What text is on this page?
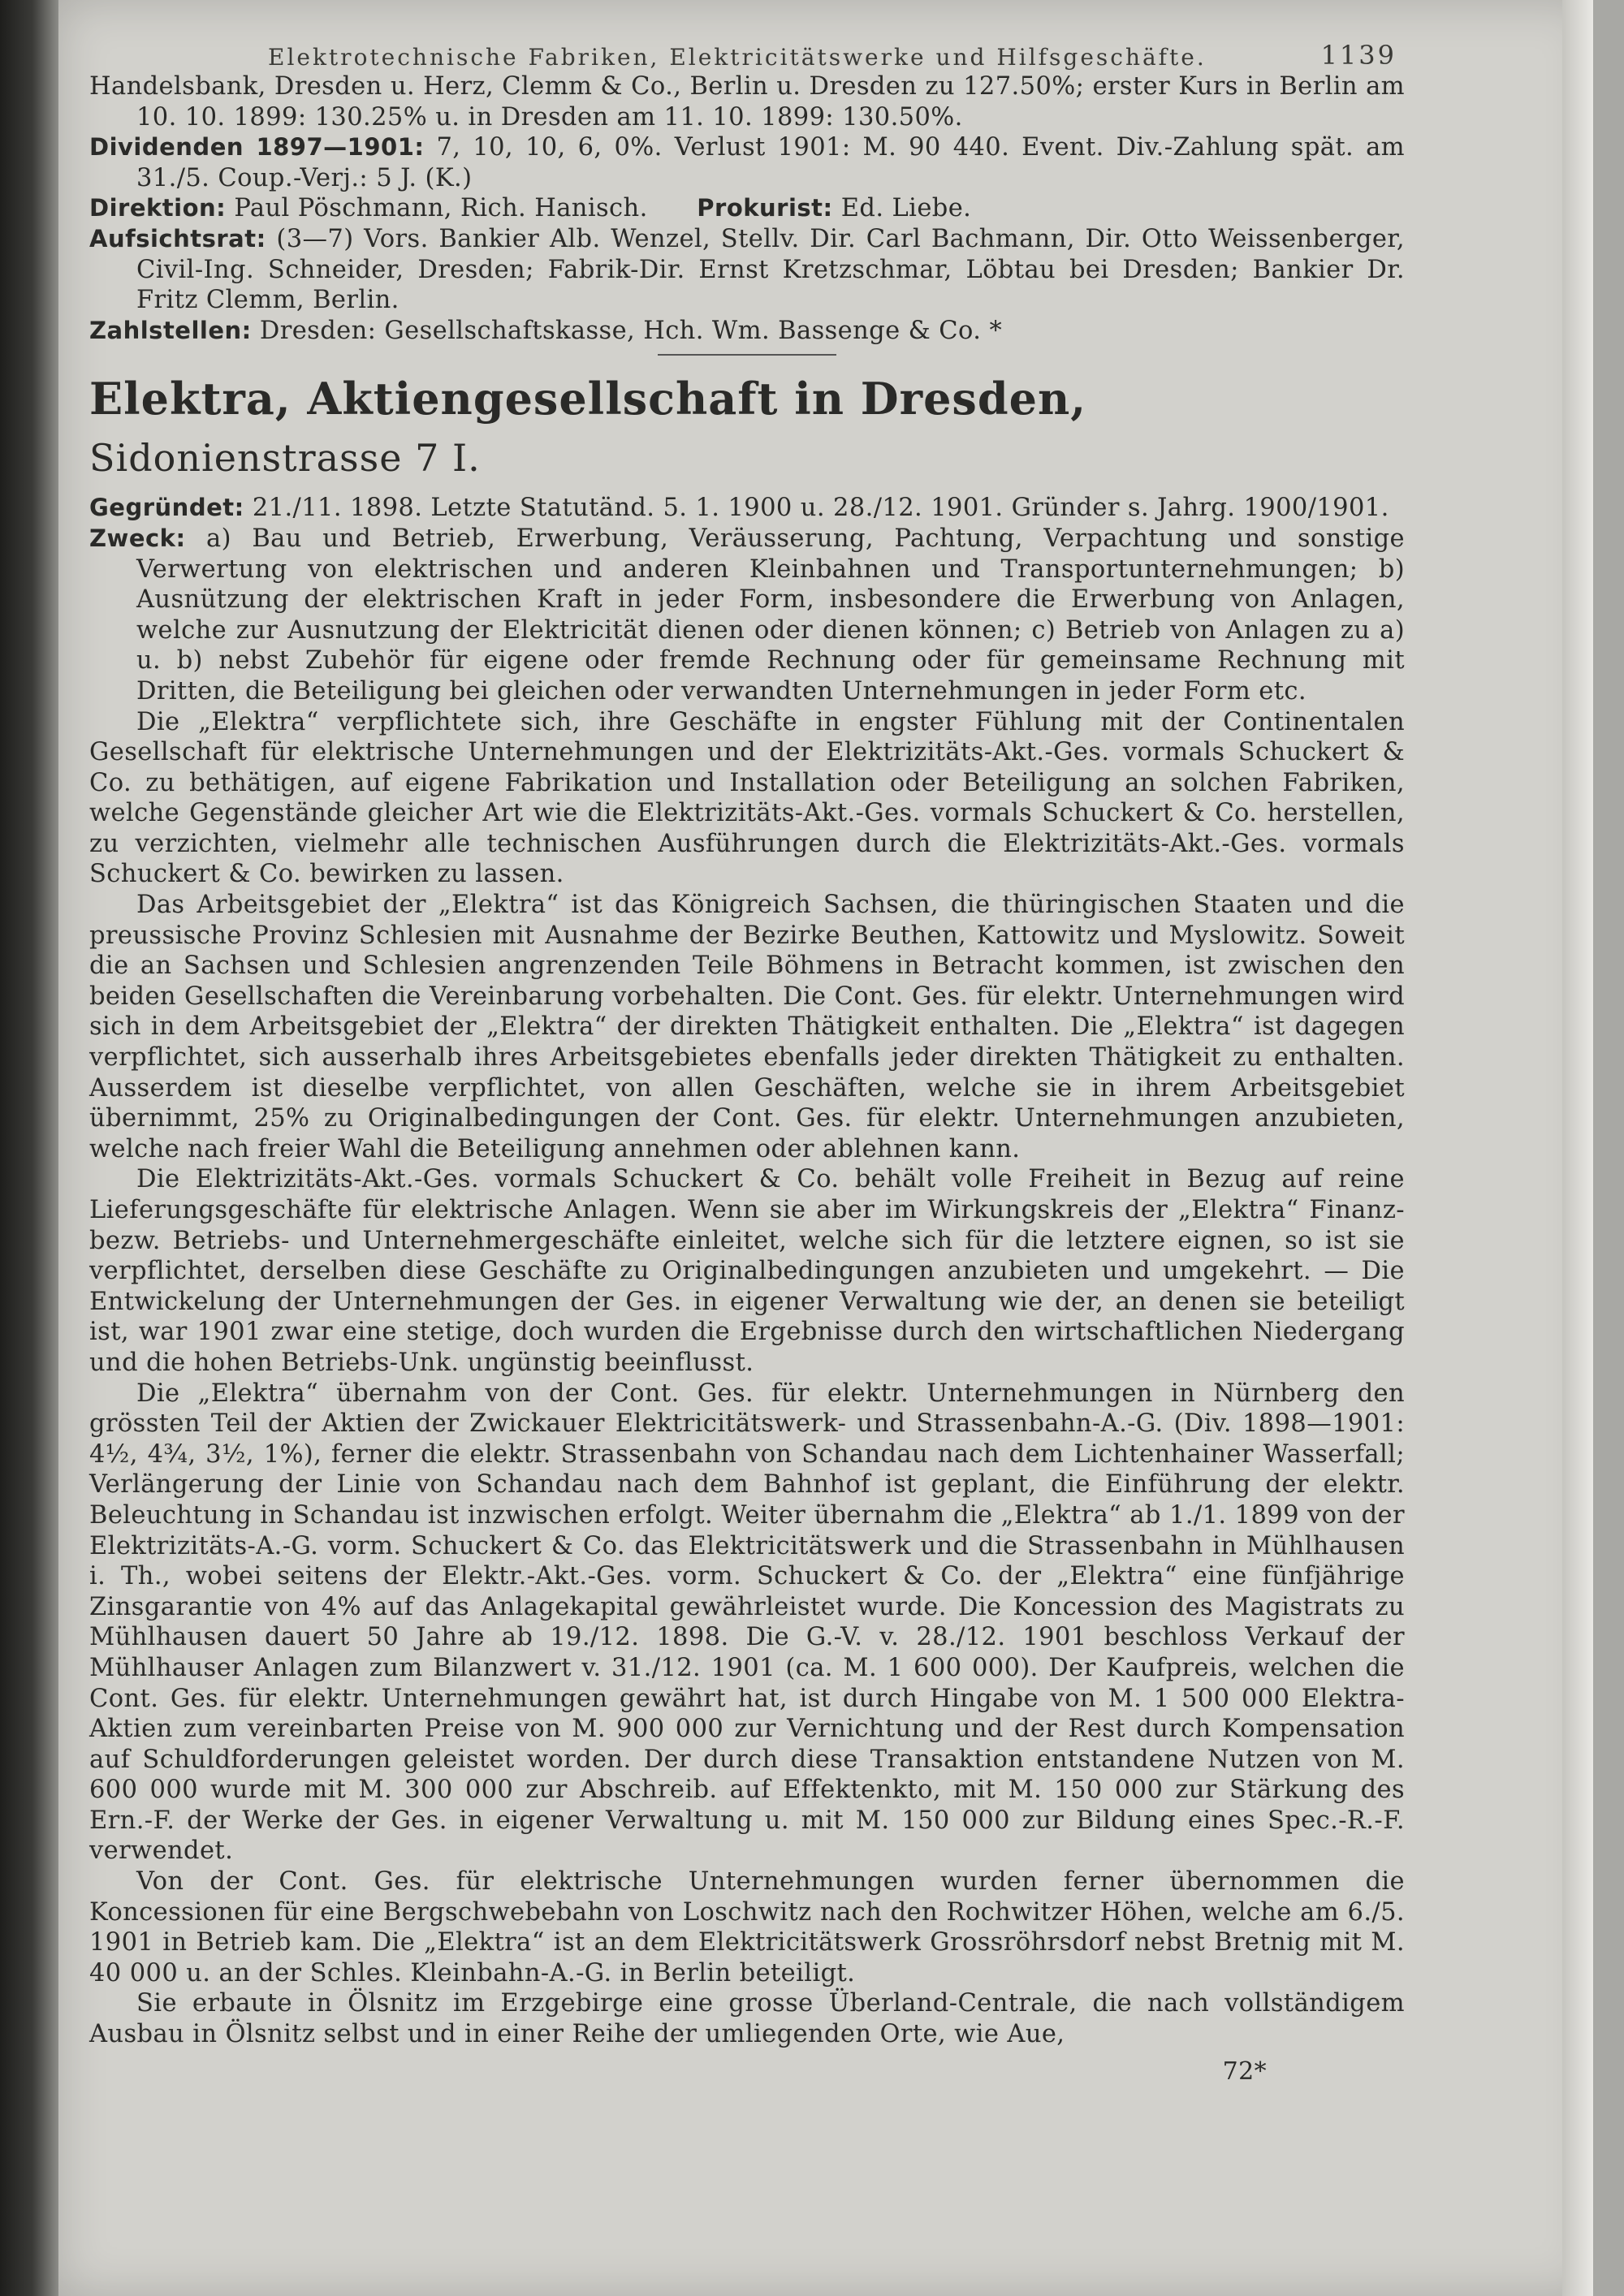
Elektrotechnische Fabriken, Elektricitätswerke und Hilfsgeschäfte.	1139

Handelsbank, Dresden u. Herz, Clemm & Co., Berlin u. Dresden zu 127.50%; erster Kurs in Berlin am 10. 10. 1899: 130.25% u. in Dresden am 11. 10. 1899: 130.50%.

Dividenden 1897—1901: 7, 10, 10, 6, 0%. Verlust 1901: M. 90 440. Event. Div.-Zahlung spät. am 31./5. Coup.-Verj.: 5 J. (K.)

Direktion: Paul Pöschmann, Rich. Hanisch. Prokurist: Ed. Liebe.

Aufsichtsrat: (3—7) Vors. Bankier Alb. Wenzel, Stellv. Dir. Carl Bachmann, Dir. Otto Weissenberger, Civil-Ing. Schneider, Dresden; Fabrik-Dir. Ernst Kretzschmar, Löbtau bei Dresden; Bankier Dr. Fritz Clemm, Berlin.

Zahlstellen: Dresden: Gesellschaftskasse, Hch. Wm. Bassenge & Co. *

Elektra, Aktiengesellschaft in Dresden, Sidonienstrasse 7 I.

Gegründet: 21./11. 1898. Letzte Statutänd. 5. 1. 1900 u. 28./12. 1901. Gründer s. Jahrg. 1900/1901.

Zweck: a) Bau und Betrieb, Erwerbung, Veräusserung, Pachtung, Verpachtung und sonstige Verwertung von elektrischen und anderen Kleinbahnen und Transportunternehmungen; b) Ausnützung der elektrischen Kraft in jeder Form, insbesondere die Erwerbung von Anlagen, welche zur Ausnutzung der Elektricität dienen oder dienen können; c) Betrieb von Anlagen zu a) u. b) nebst Zubehör für eigene oder fremde Rechnung oder für gemeinsame Rechnung mit Dritten, die Beteiligung bei gleichen oder verwandten Unternehmungen in jeder Form etc.

Die „Elektra“ verpflichtete sich, ihre Geschäfte in engster Fühlung mit der Continentalen Gesellschaft für elektrische Unternehmungen und der Elektrizitäts-Akt.-Ges. vormals Schuckert & Co. zu bethätigen, auf eigene Fabrikation und Installation oder Beteiligung an solchen Fabriken, welche Gegenstände gleicher Art wie die Elektrizitäts-Akt.-Ges. vormals Schuckert & Co. herstellen, zu verzichten, vielmehr alle technischen Ausführungen durch die Elektrizitäts-Akt.-Ges. vormals Schuckert & Co. bewirken zu lassen.

Das Arbeitsgebiet der „Elektra“ ist das Königreich Sachsen, die thüringischen Staaten und die preussische Provinz Schlesien mit Ausnahme der Bezirke Beuthen, Kattowitz und Myslowitz. Soweit die an Sachsen und Schlesien angrenzenden Teile Böhmens in Betracht kommen, ist zwischen den beiden Gesellschaften die Vereinbarung vorbehalten. Die Cont. Ges. für elektr. Unternehmungen wird sich in dem Arbeitsgebiet der „Elektra“ der direkten Thätigkeit enthalten. Die „Elektra“ ist dagegen verpflichtet, sich ausserhalb ihres Arbeitsgebietes ebenfalls jeder direkten Thätigkeit zu enthalten. Ausserdem ist dieselbe verpflichtet, von allen Geschäften, welche sie in ihrem Arbeitsgebiet übernimmt, 25% zu Originalbedingungen der Cont. Ges. für elektr. Unternehmungen anzubieten, welche nach freier Wahl die Beteiligung annehmen oder ablehnen kann.

Die Elektrizitäts-Akt.-Ges. vormals Schuckert & Co. behält volle Freiheit in Bezug auf reine Lieferungsgeschäfte für elektrische Anlagen. Wenn sie aber im Wirkungskreis der „Elektra“ Finanz- bezw. Betriebs- und Unternehmergeschäfte einleitet, welche sich für die letztere eignen, so ist sie verpflichtet, derselben diese Geschäfte zu Originalbedingungen anzubieten und umgekehrt. — Die Entwickelung der Unternehmungen der Ges. in eigener Verwaltung wie der, an denen sie beteiligt ist, war 1901 zwar eine stetige, doch wurden die Ergebnisse durch den wirtschaftlichen Niedergang und die hohen Betriebs-Unk. ungünstig beeinflusst.

Die „Elektra“ übernahm von der Cont. Ges. für elektr. Unternehmungen in Nürnberg den grössten Teil der Aktien der Zwickauer Elektricitätswerk- und Strassenbahn-A.-G. (Div. 1898—1901: 4½, 4¾, 3½, 1%), ferner die elektr. Strassenbahn von Schandau nach dem Lichtenhainer Wasserfall; Verlängerung der Linie von Schandau nach dem Bahnhof ist geplant, die Einführung der elektr. Beleuchtung in Schandau ist inzwischen erfolgt. Weiter übernahm die „Elektra“ ab 1./1. 1899 von der Elektrizitäts-A.-G. vorm. Schuckert & Co. das Elektricitätswerk und die Strassenbahn in Mühlhausen i. Th., wobei seitens der Elektr.-Akt.-Ges. vorm. Schuckert & Co. der „Elektra“ eine fünfjährige Zinsgarantie von 4% auf das Anlagekapital gewährleistet wurde. Die Koncession des Magistrats zu Mühlhausen dauert 50 Jahre ab 19./12. 1898. Die G.-V. v. 28./12. 1901 beschloss Verkauf der Mühlhauser Anlagen zum Bilanzwert v. 31./12. 1901 (ca. M. 1 600 000). Der Kaufpreis, welchen die Cont. Ges. für elektr. Unternehmungen gewährt hat, ist durch Hingabe von M. 1 500 000 Elektra-Aktien zum vereinbarten Preise von M. 900 000 zur Vernichtung und der Rest durch Kompensation auf Schuldforderungen geleistet worden. Der durch diese Transaktion entstandene Nutzen von M. 600 000 wurde mit M. 300 000 zur Abschreib. auf Effektenkto, mit M. 150 000 zur Stärkung des Ern.-F. der Werke der Ges. in eigener Verwaltung u. mit M. 150 000 zur Bildung eines Spec.-R.-F. verwendet.

Von der Cont. Ges. für elektrische Unternehmungen wurden ferner übernommen die Koncessionen für eine Bergschwebebahn von Loschwitz nach den Rochwitzer Höhen, welche am 6./5. 1901 in Betrieb kam. Die „Elektra“ ist an dem Elektricitätswerk Grossröhrsdorf nebst Bretnig mit M. 40 000 u. an der Schles. Kleinbahn-A.-G. in Berlin beteiligt.

Sie erbaute in Ölsnitz im Erzgebirge eine grosse Überland-Centrale, die nach vollständigem Ausbau in Ölsnitz selbst und in einer Reihe der umliegenden Orte, wie Aue,

72*
